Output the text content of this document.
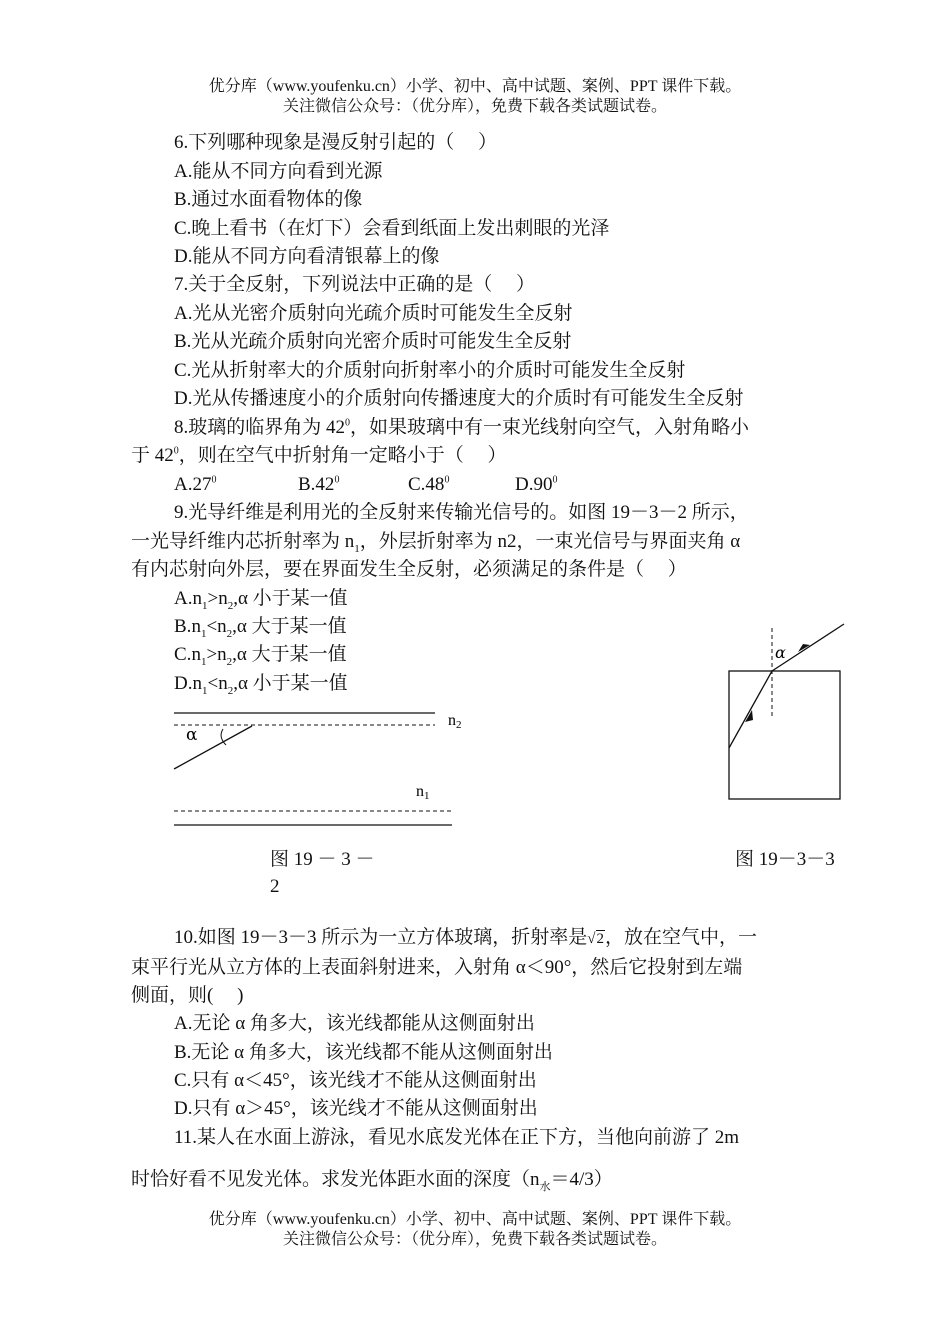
优分库（www.youfenku.cn）小学、初中、高中试题、案例、PPT 课件下载。
关注微信公众号：（优分库），免费下载各类试题试卷。
6.下列哪种现象是漫反射引起的（　 ）
A.能从不同方向看到光源
B.通过水面看物体的像
C.晚上看书（在灯下）会看到纸面上发出刺眼的光泽
D.能从不同方向看清银幕上的像
7.关于全反射，下列说法中正确的是（　 ）
A.光从光密介质射向光疏介质时可能发生全反射
B.光从光疏介质射向光密介质时可能发生全反射
C.光从折射率大的介质射向折射率小的介质时可能发生全反射
D.光从传播速度小的介质射向传播速度大的介质时有可能发生全反射
8.玻璃的临界角为 $42^0$，如果玻璃中有一束光线射向空气，入射角略小
于 $42^0$，则在空气中折射角一定略小于（　 ）
$A.27^0$	$B.42^0$	$C.48^0$	$D.90^0$
9.光导纤维是利用光的全反射来传输光信号的。如图 19－3－2 所示，
一光导纤维内芯折射率为 $n_1$，外层折射率为 n2，一束光信号与界面夹角 α
有内芯射向外层，要在界面发生全反射，必须满足的条件是（　 ）
$A.n_1>n_2,\alpha$ 小于某一值
$B.n_1<n_2,\alpha$ 大于某一值
$C.n_1>n_2,\alpha$ 大于某一值
$D.n_1<n_2,\alpha$ 小于某一值
α
n2
n1
图 19 － 3 －
2
α
图 19－3－3
10.如图 19－3－3 所示为一立方体玻璃，折射率是√2，放在空气中，一
束平行光从立方体的上表面斜射进来，入射角 α＜90°，然后它投射到左端
侧面，则(　 )
A.无论 α 角多大，该光线都能从这侧面射出
B.无论 α 角多大，该光线都不能从这侧面射出
C.只有 α＜45°，该光线才不能从这侧面射出
D.只有 α＞45°，该光线才不能从这侧面射出
11.某人在水面上游泳，看见水底发光体在正下方，当他向前游了 2m
时恰好看不见发光体。求发光体距水面的深度$(n_水=4/3)$
优分库（www.youfenku.cn）小学、初中、高中试题、案例、PPT 课件下载。
关注微信公众号：（优分库），免费下载各类试题试卷。
